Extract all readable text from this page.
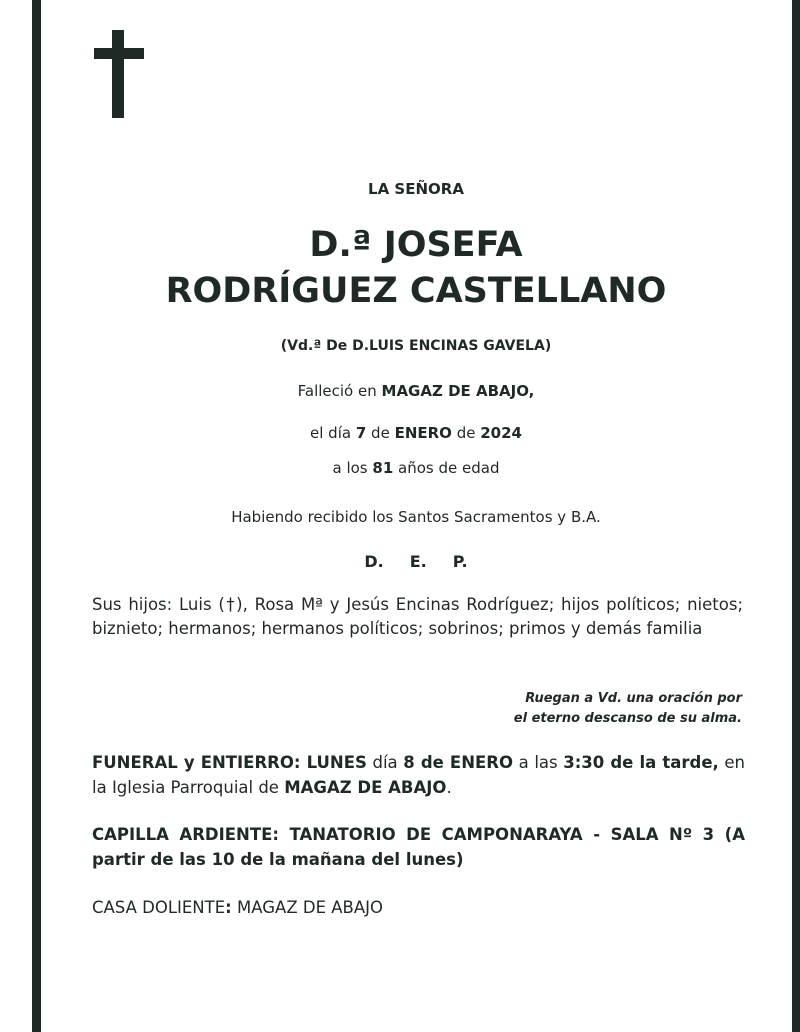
LA SEÑORA
D.ª JOSEFA
RODRÍGUEZ CASTELLANO
(Vd.ª De D.LUIS ENCINAS GAVELA)
Falleció en MAGAZ DE ABAJO,
el día 7 de ENERO de 2024
a los 81 años de edad
Habiendo recibido los Santos Sacramentos y B.A.
D. E. P.
Sus hijos: Luis (†), Rosa Mª y Jesús Encinas Rodríguez; hijos políticos; nietos; biznieto; hermanos; hermanos políticos; sobrinos; primos y demás familia
Ruegan a Vd. una oración por
el eterno descanso de su alma.
FUNERAL y ENTIERRO: LUNES día 8 de ENERO a las 3:30 de la tarde, en la Iglesia Parroquial de MAGAZ DE ABAJO.
CAPILLA ARDIENTE: TANATORIO DE CAMPONARAYA - SALA Nº 3 (A partir de las 10 de la mañana del lunes)
CASA DOLIENTE: MAGAZ DE ABAJO
